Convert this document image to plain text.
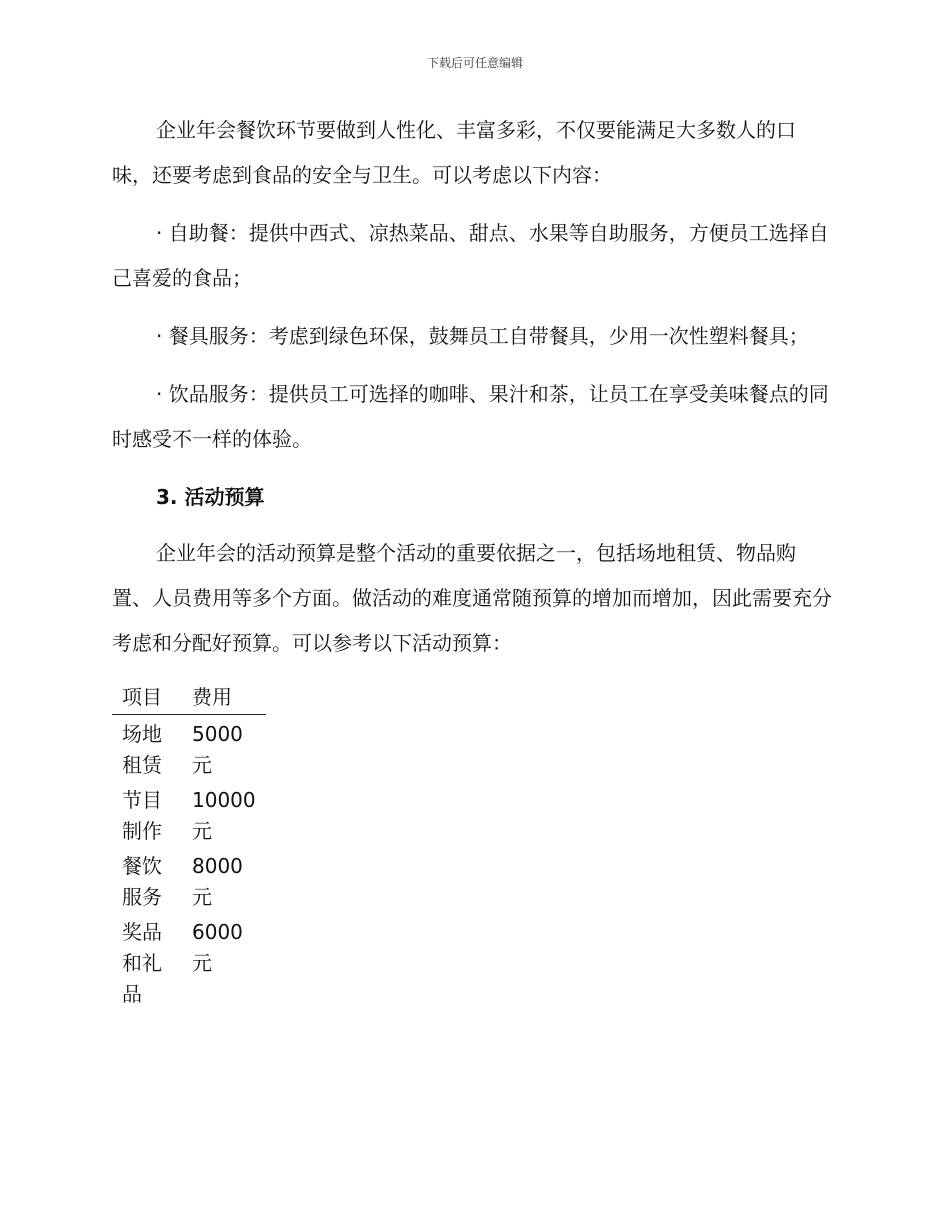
下载后可任意编辑

企业年会餐饮环节要做到人性化、丰富多彩，不仅要能满足大多数人的口味，还要考虑到食品的安全与卫生。可以考虑以下内容：

· 自助餐：提供中西式、凉热菜品、甜点、水果等自助服务，方便员工选择自己喜爱的食品；

· 餐具服务：考虑到绿色环保，鼓舞员工自带餐具，少用一次性塑料餐具；

· 饮品服务：提供员工可选择的咖啡、果汁和茶，让员工在享受美味餐点的同时感受不一样的体验。

3. 活动预算

企业年会的活动预算是整个活动的重要依据之一，包括场地租赁、物品购置、人员费用等多个方面。做活动的难度通常随预算的增加而增加，因此需要充分考虑和分配好预算。可以参考以下活动预算：

项目	费用
场地租赁	5000 元
节目制作	10000 元
餐饮服务	8000 元
奖品和礼品	6000 元
